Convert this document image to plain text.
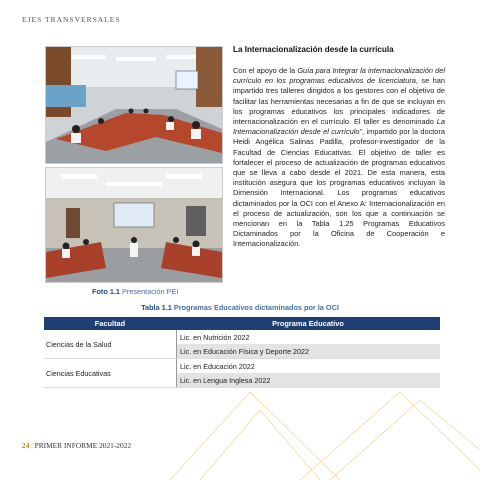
EJES TRANSVERSALES
Foto 1.1 Presentación PEI
La Internacionalización desde la currícula
Con el apoyo de la Guía para Integrar la internacionalización del currículo en los programas educativos de licenciatura, se han impartido tres talleres dirigidos a los gestores con el objetivo de facilitar las herramientas necesarias a fin de que se incluyan en los programas educativos los principales indicadores de internacionalización en el currículo. El taller es denominado La Internacionalización desde el currículo", impartido por la doctora Heidi Angélica Salinas Padilla, profesor-investigador de la Facultad de Ciencias Educativas. El objetivo de taller es fortalecer el proceso de actualización de programas educativos que se lleva a cabo desde el 2021. De esta manera, esta institución asegura que los programas educativos incluyan la Dimensión Internacional. Los programas educativos dictaminados por la OCI con el Anexo A: Internacionalización en el proceso de actualización, son los que a continuación se mencionan en la Tabla 1.25 Programas Educativos Dictaminados por la Oficina de Cooperación e Internacionalización.
Tabla 1.1 Programas Educativos dictaminados por la OCI
Facultad	Programa Educativo
Ciencias de la Salud
Lic. en Nutrición 2022
Lic. en Educación Física y Deporte 2022
Ciencias Educativas
Lic. en Educación 2022
Lic. en Lengua Inglesa 2022
24 | PRIMER INFORME 2021-2022
